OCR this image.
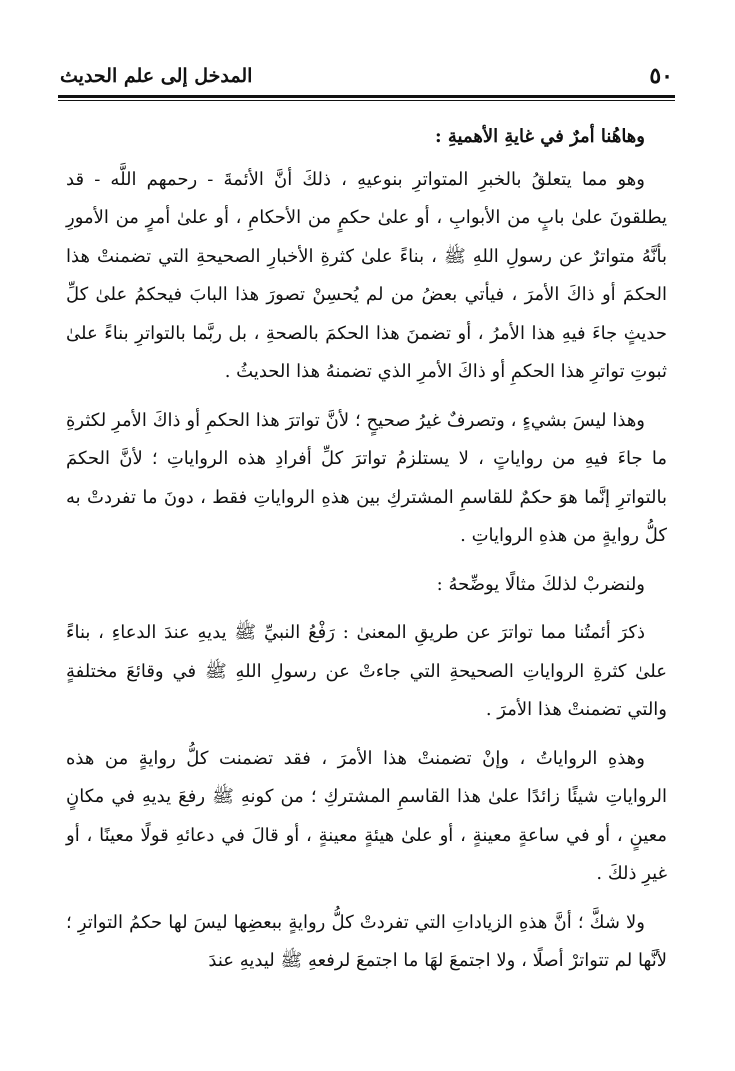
٥٠
المدخل إلى علم الحديث

وهاهُنا أمرٌ في غايةِ الأهميةِ :

وهو مما يتعلقُ بالخبرِ المتواترِ بنوعيهِ ، ذلكَ أنَّ الأئمةَ - رحمهم اللَّه - قد يطلقونَ علىٰ بابٍ من الأبوابِ ، أو علىٰ حكمٍ من الأحكامِ ، أو علىٰ أمرٍ من الأمورِ بأنَّهُ متواترٌ عن رسولِ اللهِ ﷺ ، بناءً علىٰ كثرةِ الأخبارِ الصحيحةِ التي تضمنتْ هذا الحكمَ أو ذاكَ الأمرَ ، فيأتي بعضُ من لم يُحسِنْ تصورَ هذا البابَ فيحكمُ علىٰ كلِّ حديثٍ جاءَ فيهِ هذا الأمرُ ، أو تضمنَ هذا الحكمَ بالصحةِ ، بل ربَّما بالتواترِ بناءً علىٰ ثبوتِ تواترِ هذا الحكمِ أو ذاكَ الأمرِ الذي تضمنهُ هذا الحديثُ .

وهذا ليسَ بشيءٍ ، وتصرفٌ غيرُ صحيحٍ ؛ لأنَّ تواترَ هذا الحكمِ أو ذاكَ الأمرِ لكثرةِ ما جاءَ فيهِ من رواياتٍ ، لا يستلزمُ تواترَ كلِّ أفرادِ هذه الرواياتِ ؛ لأنَّ الحكمَ بالتواترِ إنَّما هوَ حكمٌ للقاسمِ المشتركِ بين هذهِ الرواياتِ فقط ، دونَ ما تفردتْ به كلُّ روايةٍ من هذهِ الرواياتِ .

ولنضربْ لذلكَ مثالًا يوضِّحهُ :

ذكرَ أئمتُنا مما تواترَ عن طريقِ المعنىٰ : رَفْعُ النبيِّ ﷺ يديهِ عندَ الدعاءِ ، بناءً علىٰ كثرةِ الرواياتِ الصحيحةِ التي جاءتْ عن رسولِ اللهِ ﷺ في وقائعَ مختلفةٍ والتي تضمنتْ هذا الأمرَ .

وهذهِ الرواياتُ ، وإنْ تضمنتْ هذا الأمرَ ، فقد تضمنت كلُّ روايةٍ من هذه الرواياتِ شيئًا زائدًا علىٰ هذا القاسمِ المشتركِ ؛ من كونهِ ﷺ رفعَ يديهِ في مكانٍ معينٍ ، أو في ساعةٍ معينةٍ ، أو علىٰ هيئةٍ معينةٍ ، أو قالَ في دعائهِ قولًا معينًا ، أو غيرِ ذلكَ .

ولا شكَّ ؛ أنَّ هذهِ الزياداتِ التي تفردتْ كلُّ روايةٍ ببعضِها ليسَ لها حكمُ التواترِ ؛ لأنَّها لم تتواترْ أصلًا ، ولا اجتمعَ لهَا ما اجتمعَ لرفعهِ ﷺ ليديهِ عندَ
